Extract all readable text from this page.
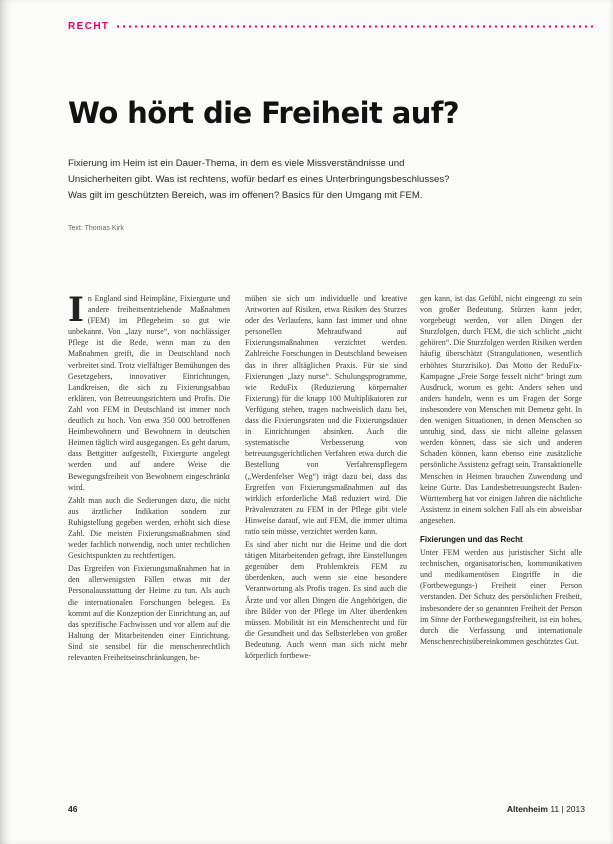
RECHT
Wo hört die Freiheit auf?
Fixierung im Heim ist ein Dauer-Thema, in dem es viele Missverständnisse und
Unsicherheiten gibt. Was ist rechtens, wofür bedarf es eines Unterbringungsbeschlusses?
Was gilt im geschützten Bereich, was im offenen? Basics für den Umgang mit FEM.
Text: Thomas Kirk

In England sind Heimpläne, Fixiergurte und andere freiheitsentziehende Maßnahmen (FEM) im Pflegeheim so gut wie unbekannt. Von „lazy nurse“, von nachlässiger Pflege ist die Rede, wenn man zu den Maßnahmen greift, die in Deutschland noch verbreitet sind. Trotz vielfältiger Bemühungen des Gesetzgebers, innovativer Einrichtungen, Landkreisen, die sich zu Fixierungsabbau erklären, von Betreuungsrichtern und Profis. Die Zahl von FEM in Deutschland ist immer noch deutlich zu hoch. Von etwa 350 000 betroffenen Heimbewohnern und Bewohnern in deutschen Heimen täglich wird ausgegangen. Es geht darum, dass Bettgitter aufgestellt, Fixiergurte angelegt werden und auf andere Weise die Bewegungsfreiheit von Bewohnern eingeschränkt wird.

Zahlt man auch die Sedierungen dazu, die nicht aus ärztlicher Indikation sondern zur Ruhigstellung gegeben werden, erhöht sich diese Zahl. Die meisten Fixierungsmaßnahmen sind weder fachlich notwendig, noch unter rechtlichen Gesichtspunkten zu rechtfertigen.

Das Ergreifen von Fixierungsmaßnahmen hat in den allerwenigsten Fällen etwas mit der Personalausstattung der Heime zu tun. Als auch die internationalen Forschungen belegen. Es kommt auf die Konzeption der Einrichtung an, auf das spezifische Fachwissen und vor allem auf die Haltung der Mitarbeitenden einer Einrichtung. Sind sie sensibel für die menschenrechtlich relevanten Freiheitseinschränkungen, be-

mühen sie sich um individuelle und kreative Antworten auf Risiken, etwa Risiken des Sturzes oder des Verlaufens, kann fast immer und ohne personellen Mehraufwand auf Fixierungsmaßnahmen verzichtet werden. Zahlreiche Forschungen in Deutschland beweisen das in ihrer alltäglichen Praxis. Für sie sind Fixierungen „lazy nurse“. Schulungsprogramme, wie ReduFix (Reduzierung körpernaher Fixierung) für die knapp 100 Multiplikatoren zur Verfügung stehen, tragen nachweislich dazu bei, dass die Fixierungsraten und die Fixierungsdauer in Einrichtungen absinken. Auch die systematische Verbesserung von betreuungsgerichtlichen Verfahren etwa durch die Bestellung von Verfahrenspflegern („Werdenfelser Weg“) trägt dazu bei, dass das Ergreifen von Fixierungsmaßnahmen auf das wirklich erforderliche Maß reduziert wird. Die Prävalenzraten zu FEM in der Pflege gibt viele Hinweise darauf, wie auf FEM, die immer ultima ratio sein müsse, verzichtet werden kann.

Es sind aber nicht nur die Heime und die dort tätigen Mitarbeitenden gefragt, ihre Einstellungen gegenüber dem Problemkreis FEM zu überdenken, auch wenn sie eine besondere Verantwortung als Profis tragen. Es sind auch die Ärzte und vor allen Dingen die Angehörigen, die ihre Bilder von der Pflege im Alter überdenken müssen. Mobilität ist ein Menschenrecht und für die Gesundheit und das Selbsterleben von großer Bedeutung. Auch wenn man sich nicht mehr körperlich fortbewe-

gen kann, ist das Gefühl, nicht eingeengt zu sein von großer Bedeutung. Stürzen kann jeder, vorgebeugt werden, vor allen Dingen der Sturzfolgen, durch FEM, die sich schlicht „nicht gehören“. Die Sturzfolgen werden Risiken werden häufig überschätzt (Strangulationen, wesentlich erhöhtes Sturzrisiko). Das Motto der ReduFix-Kampagne „Freie Sorge fesselt nicht“ bringt zum Ausdruck, worum es geht: Anders sehen und anders handeln, wenn es um Fragen der Sorge insbesondere von Menschen mit Demenz geht. In den wenigen Situationen, in denen Menschen so unruhig sind, dass sie nicht alleine gelassen werden können, dass sie sich und anderen Schaden können, kann ebenso eine zusätzliche persönliche Assistenz gefragt sein. Transaktionelle Menschen in Heimen brauchen Zuwendung und keine Gurte. Das Landesbetreuungsrecht Baden-Württemberg hat vor einigen Jahren die nächtliche Assistenz in einem solchen Fall als ein abweisbar angesehen.

Fixierungen und das Recht

Unter FEM werden aus juristischer Sicht alle technischen, organisatorischen, kommunikativen und medikamentösen Eingriffe in die (Fortbewegungs-) Freiheit einer Person verstanden. Der Schutz des persönlichen Freiheit, insbesondere der so genannten Freiheit der Person im Sinne der Fortbewegungsfreiheit, ist ein hohes, durch die Verfassung und internationale Menschenrechtsübereinkommen geschütztes Gut.

46	Altenheim 11 | 2013
